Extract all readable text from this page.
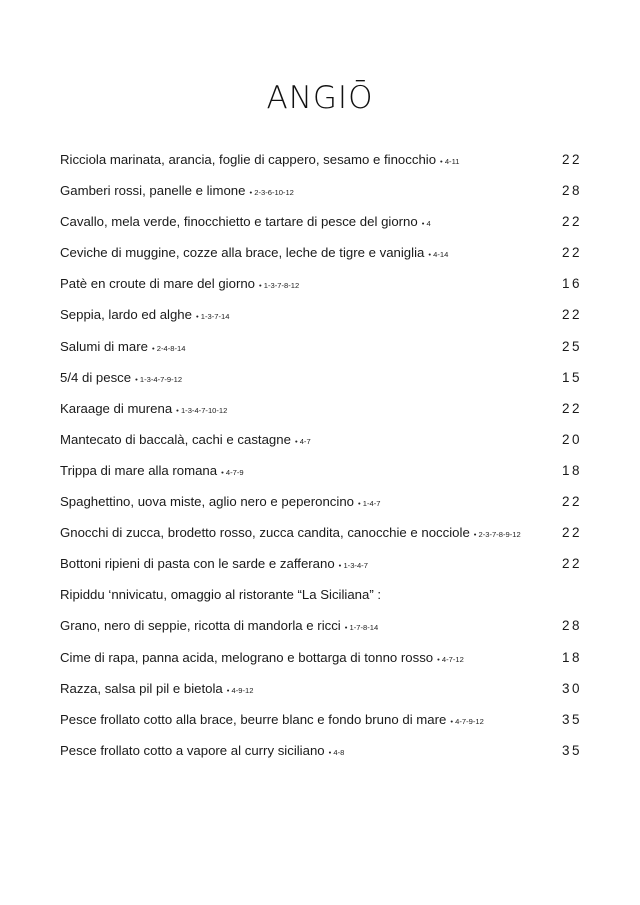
ANGIŌ
Ricciola marinata, arancia, foglie di cappero, sesamo e finocchio • 4-11	22
Gamberi rossi, panelle e limone • 2-3-6-10-12	28
Cavallo, mela verde, finocchietto e tartare di pesce del giorno • 4	22
Ceviche di muggine, cozze alla brace, leche de tigre e vaniglia • 4-14	22
Patè en croute di mare del giorno • 1-3-7-8-12	16
Seppia, lardo ed alghe • 1-3-7-14	22
Salumi di mare • 2-4-8-14	25
5/4 di pesce • 1-3-4-7-9-12	15
Karaage di murena • 1-3-4-7-10-12	22
Mantecato di baccalà, cachi e castagne • 4-7	20
Trippa di mare alla romana • 4-7-9	18
Spaghettino, uova miste, aglio nero e peperoncino • 1-4-7	22
Gnocchi di zucca, brodetto rosso, zucca candita, canocchie e nocciole • 2-3-7-8-9-12	22
Bottoni ripieni di pasta con le sarde e zafferano • 1-3-4-7	22
Ripiddu ‘nnivicatu, omaggio al ristorante “La Siciliana” :
Grano, nero di seppie, ricotta di mandorla e ricci • 1-7-8-14	28
Cime di rapa, panna acida, melograno e bottarga di tonno rosso • 4-7-12	18
Razza, salsa pil pil e bietola • 4-9-12	30
Pesce frollato cotto alla brace, beurre blanc e fondo bruno di mare • 4-7-9-12	35
Pesce frollato cotto a vapore al curry siciliano • 4-8	35
